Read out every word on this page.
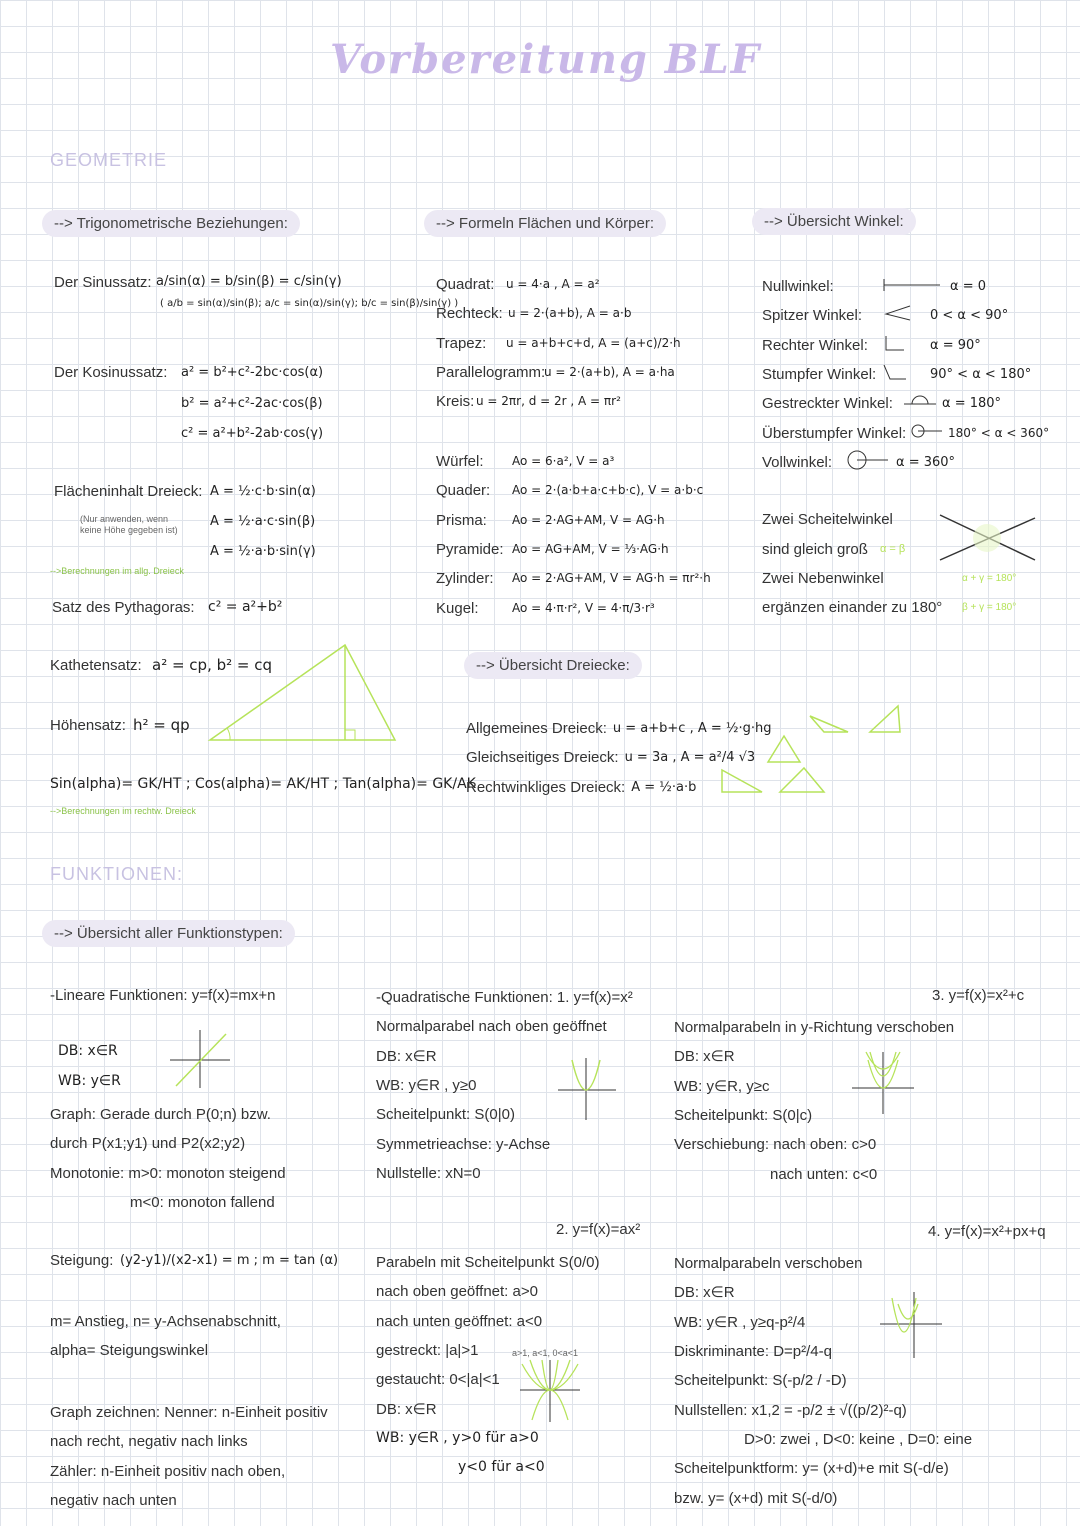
Vorbereitung BLF
GEOMETRIE
--> Trigonometrische Beziehungen:	--> Formeln Flächen und Körper:	--> Übersicht Winkel:
Der Sinussatz: a/sin(α) = b/sin(β) = c/sin(γ)
( a/b = sin(α)/sin(β); a/c = sin(α)/sin(γ); b/c = sin(β)/sin(γ) )
Der Kosinussatz: a² = b²+c²-2bc·cos(α)
b² = a²+c²-2ac·cos(β)
c² = a²+b²-2ab·cos(γ)
Flächeninhalt Dreieck: A = ½·c·b·sin(α)
A = ½·a·c·sin(β)
A = ½·a·b·sin(γ)
(Nur anwenden, wenn keine Höhe gegeben ist)
-->Berechnungen im allg. Dreieck
Satz des Pythagoras: c² = a²+b²
Kathetensatz: a² = cp, b² = cq
Höhensatz: h² = qp
Sin(alpha)= GK/HT ; Cos(alpha)= AK/HT ; Tan(alpha)= GK/AK
-->Berechnungen im rechtw. Dreieck
Quadrat: u = 4·a , A = a²
Rechteck: u = 2·(a+b), A = a·b
Trapez:	u = a+b+c+d, A = (a+c)/2·h
Parallelogramm:
u = 2·(a+b), A = a·ha
Kreis: u = 2πr, d = 2r , A = πr²
Würfel:	Ao = 6·a², V = a³
Quader:	Ao = 2·(a·b+a·c+b·c), V = a·b·c
Prisma:	Ao = 2·AG+AM, V = AG·h
Pyramide: Ao = AG+AM, V = ⅓·AG·h
Zylinder:	Ao = 2·AG+AM, V = AG·h = πr²·h
Kugel:	Ao = 4·π·r², V = 4·π/3·r³
Nullwinkel:	α = 0
Spitzer Winkel:	0 < α < 90°
Rechter Winkel:	α = 90°
Stumpfer Winkel:	90° < α < 180°
Gestreckter Winkel:	α = 180°
Überstumpfer Winkel:	180° < α < 360°
Vollwinkel:	α = 360°
Zwei Scheitelwinkel
sind gleich groß α = β
Zwei Nebenwinkel
ergänzen einander zu 180°
α + γ = 180°
β + γ = 180°
--> Übersicht Dreiecke:
Allgemeines Dreieck: u = a+b+c , A = ½·g·hg
Gleichseitiges Dreieck: u = 3a , A = a²/4 √3
Rechtwinkliges Dreieck: A = ½·a·b
FUNKTIONEN:
--> Übersicht aller Funktionstypen:
-Lineare Funktionen: y=f(x)=mx+n
DB: x∈R
WB: y∈R
Graph: Gerade durch P(0;n) bzw.
durch P(x1;y1) und P2(x2;y2)
Monotonie: m>0: monoton steigend
m<0: monoton fallend
Steigung: (y2-y1)/(x2-x1) = m ; m = tan (α)
m= Anstieg, n= y-Achsenabschnitt,
alpha= Steigungswinkel
Graph zeichnen: Nenner: n-Einheit positiv
nach recht, negativ nach links
Zähler: n-Einheit positiv nach oben,
negativ nach unten
-Quadratische Funktionen: 1. y=f(x)=x²
Normalparabel nach oben geöffnet
DB: x∈R
WB: y∈R , y≥0
Scheitelpunkt: S(0|0)
Symmetrieachse: y-Achse
Nullstelle: xN=0
2. y=f(x)=ax²
Parabeln mit Scheitelpunkt S(0/0)
nach oben geöffnet: a>0
nach unten geöffnet: a<0
gestreckt: |a|>1
gestaucht: 0<|a|<1
DB: x∈R
WB: y∈R , y>0 für a>0
y<0 für a<0
a>1, a<1, 0<a<1
3. y=f(x)=x²+c
Normalparabeln in y-Richtung verschoben
DB: x∈R
WB: y∈R, y≥c
Scheitelpunkt: S(0|c)
Verschiebung: nach oben: c>0
nach unten: c<0
4. y=f(x)=x²+px+q
Normalparabeln verschoben
DB: x∈R
WB: y∈R , y≥q-p²/4
Diskriminante: D=p²/4-q
Scheitelpunkt: S(-p/2 / -D)
Nullstellen: x1,2 = -p/2 ± √((p/2)²-q)
D>0: zwei , D<0: keine , D=0: eine
Scheitelpunktform: y= (x+d)+e mit S(-d/e)
bzw. y= (x+d) mit S(-d/0)
